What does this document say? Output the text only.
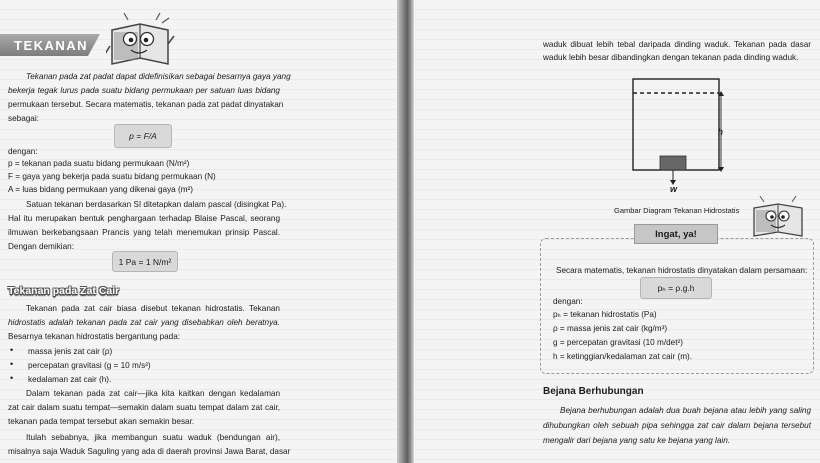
TEKANAN
Tekanan pada zat padat dapat didefinisikan sebagai besarnya gaya yang
bekerja tegak lurus pada suatu bidang permukaan per satuan luas bidang
permukaan tersebut. Secara matematis, tekanan pada zat padat dinyatakan
sebagai:
p = F/A
dengan:
p = tekanan pada suatu bidang permukaan (N/m²)
F = gaya yang bekerja pada suatu bidang permukaan (N)
A = luas bidang permukaan yang dikenai gaya (m²)
Satuan tekanan berdasarkan SI ditetapkan dalam pascal (disingkat Pa).
Hal itu merupakan bentuk penghargaan terhadap Blaise Pascal, seorang
ilmuwan berkebangsaan Prancis yang telah menemukan prinsip Pascal.
Dengan demikian:
1 Pa = 1 N/m²
Tekanan pada Zat Cair
Tekanan pada zat cair biasa disebut tekanan hidrostatis. Tekanan
hidrostatis adalah tekanan pada zat cair yang disebabkan oleh beratnya.
Besarnya tekanan hidrostatis bergantung pada:
• massa jenis zat cair (ρ)
• percepatan gravitasi (g = 10 m/s²)
• kedalaman zat cair (h).
Dalam tekanan pada zat cair—jika kita kaitkan dengan kedalaman
zat cair dalam suatu tempat—semakin dalam suatu tempat dalam zat cair,
tekanan pada tempat tersebut akan semakin besar.
Itulah sebabnya, jika membangun suatu waduk (bendungan air),
misalnya saja Waduk Saguling yang ada di daerah provinsi Jawa Barat, dasar
waduk dibuat lebih tebal daripada dinding waduk. Tekanan pada dasar
waduk lebih besar dibandingkan dengan tekanan pada dinding waduk.
h
w
Gambar Diagram Tekanan Hidrostatis
Ingat, ya!
Secara matematis, tekanan hidrostatis dinyatakan dalam persamaan:
pₕ = ρ.g.h
dengan:
pₕ = tekanan hidrostatis (Pa)
ρ = massa jenis zat cair (kg/m³)
g = percepatan gravitasi (10 m/det²)
h = ketinggian/kedalaman zat cair (m).
Bejana Berhubungan
Bejana berhubungan adalah dua buah bejana atau lebih yang saling
dihubungkan oleh sebuah pipa sehingga zat cair dalam bejana tersebut
mengalir dari bejana yang satu ke bejana yang lain.
